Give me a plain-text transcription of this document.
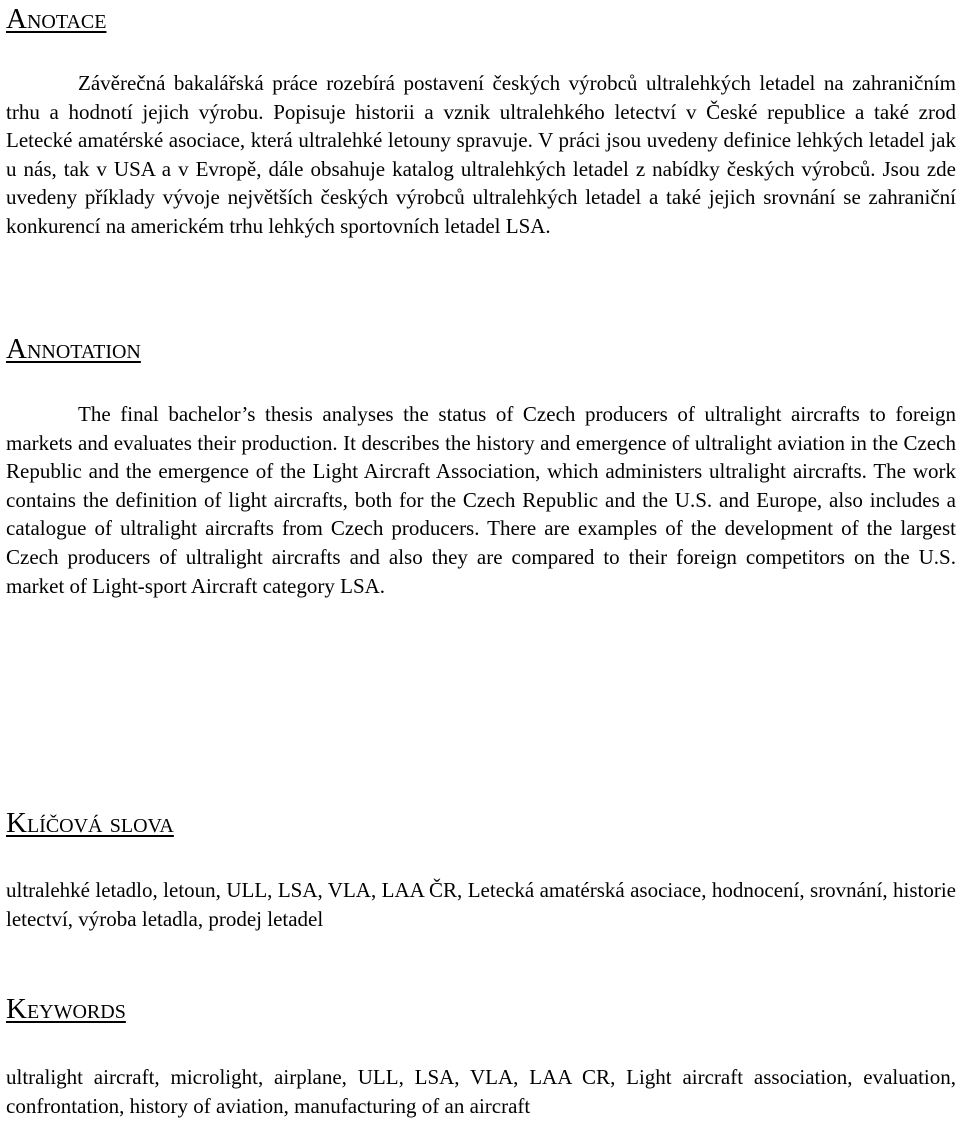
Anotace

Závěrečná bakalářská práce rozebírá postavení českých výrobců ultralehkých letadel na zahraničním trhu a hodnotí jejich výrobu. Popisuje historii a vznik ultralehkého letectví v České republice a také zrod Letecké amatérské asociace, která ultralehké letouny spravuje. V práci jsou uvedeny definice lehkých letadel jak u nás, tak v USA a v Evropě, dále obsahuje katalog ultralehkých letadel z nabídky českých výrobců. Jsou zde uvedeny příklady vývoje největších českých výrobců ultralehkých letadel a také jejich srovnání se zahraniční konkurencí na americkém trhu lehkých sportovních letadel LSA.

Annotation

The final bachelor’s thesis analyses the status of Czech producers of ultralight aircrafts to foreign markets and evaluates their production. It describes the history and emergence of ultralight aviation in the Czech Republic and the emergence of the Light Aircraft Association, which administers ultralight aircrafts. The work contains the definition of light aircrafts, both for the Czech Republic and the U.S. and Europe, also includes a catalogue of ultralight aircrafts from Czech producers. There are examples of the development of the largest Czech producers of ultralight aircrafts and also they are compared to their foreign competitors on the U.S. market of Light-sport Aircraft category LSA.

Klíčová slova

ultralehké letadlo, letoun, ULL, LSA, VLA, LAA ČR, Letecká amatérská asociace, hodnocení, srovnání, historie letectví, výroba letadla, prodej letadel

Keywords

ultralight aircraft, microlight, airplane, ULL, LSA, VLA, LAA CR, Light aircraft association, evaluation, confrontation, history of aviation, manufacturing of an aircraft
